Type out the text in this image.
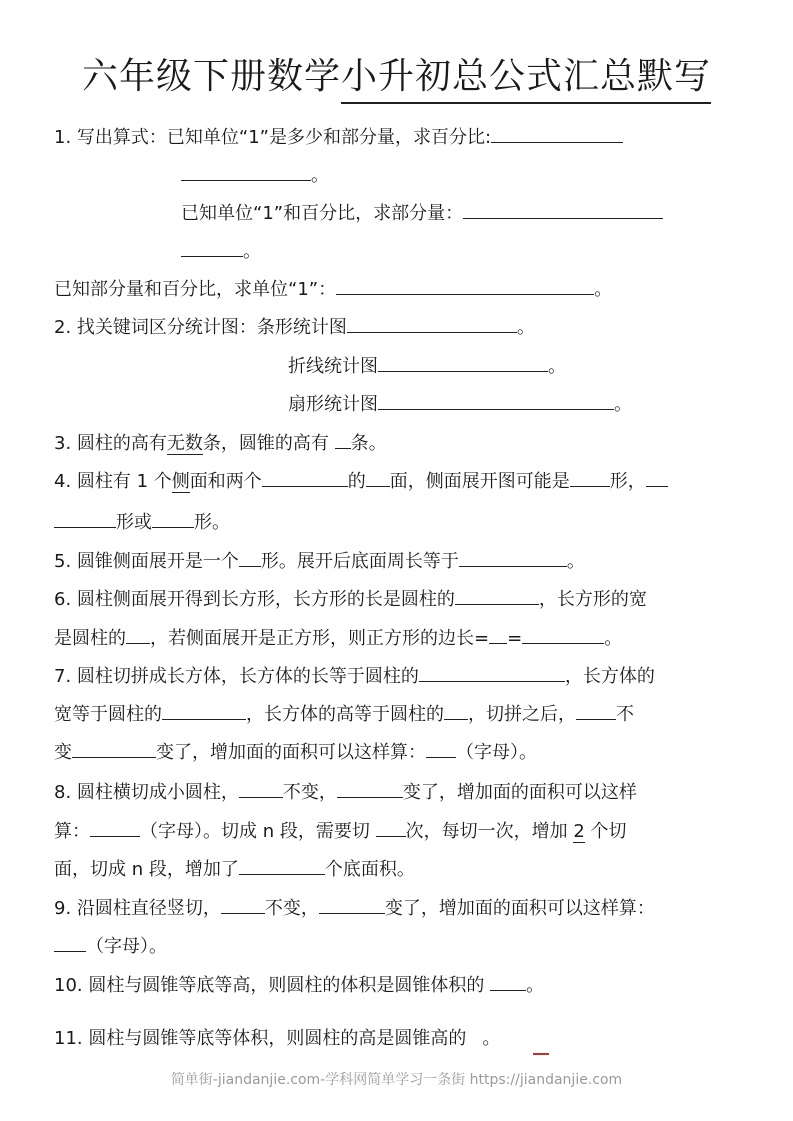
六年级下册数学小升初总公式汇总默写
1. 写出算式：已知单位“1”是多少和部分量，求百分比:
。
已知单位“1”和百分比，求部分量：
。
已知部分量和百分比，求单位“1”：	。
2. 找关键词区分统计图：条形统计图	。
折线统计图	。
扇形统计图	。
3. 圆柱的高有无数条，圆锥的高有 条。
4. 圆柱有 1 个侧面和两个	的 面，侧面展开图可能是 形，
形或 形。
5. 圆锥侧面展开是一个 形。展开后底面周长等于	。
6. 圆柱侧面展开得到长方形，长方形的长是圆柱的	，长方形的宽
是圆柱的 ，若侧面展开是正方形，则正方形的边长= =	。
7. 圆柱切拼成长方体，长方体的长等于圆柱的	，长方体的
宽等于圆柱的	，长方体的高等于圆柱的 ，切拼之后， 不
变	变了，增加面的面积可以这样算： （字母）。
8. 圆柱横切成小圆柱， 不变，	变了，增加面的面积可以这样
算：	（字母）。切成 n 段，需要切 次，每切一次，增加 2 个切
面，切成 n 段，增加了	个底面积。
9. 沿圆柱直径竖切， 不变，	变了，增加面的面积可以这样算：
（字母）。
10. 圆柱与圆锥等底等高，则圆柱的体积是圆锥体积的 。
11. 圆柱与圆锥等底等体积，则圆柱的高是圆锥高的 。
简单街-jiandanjie.com-学科网简单学习一条街 https://jiandanjie.com
